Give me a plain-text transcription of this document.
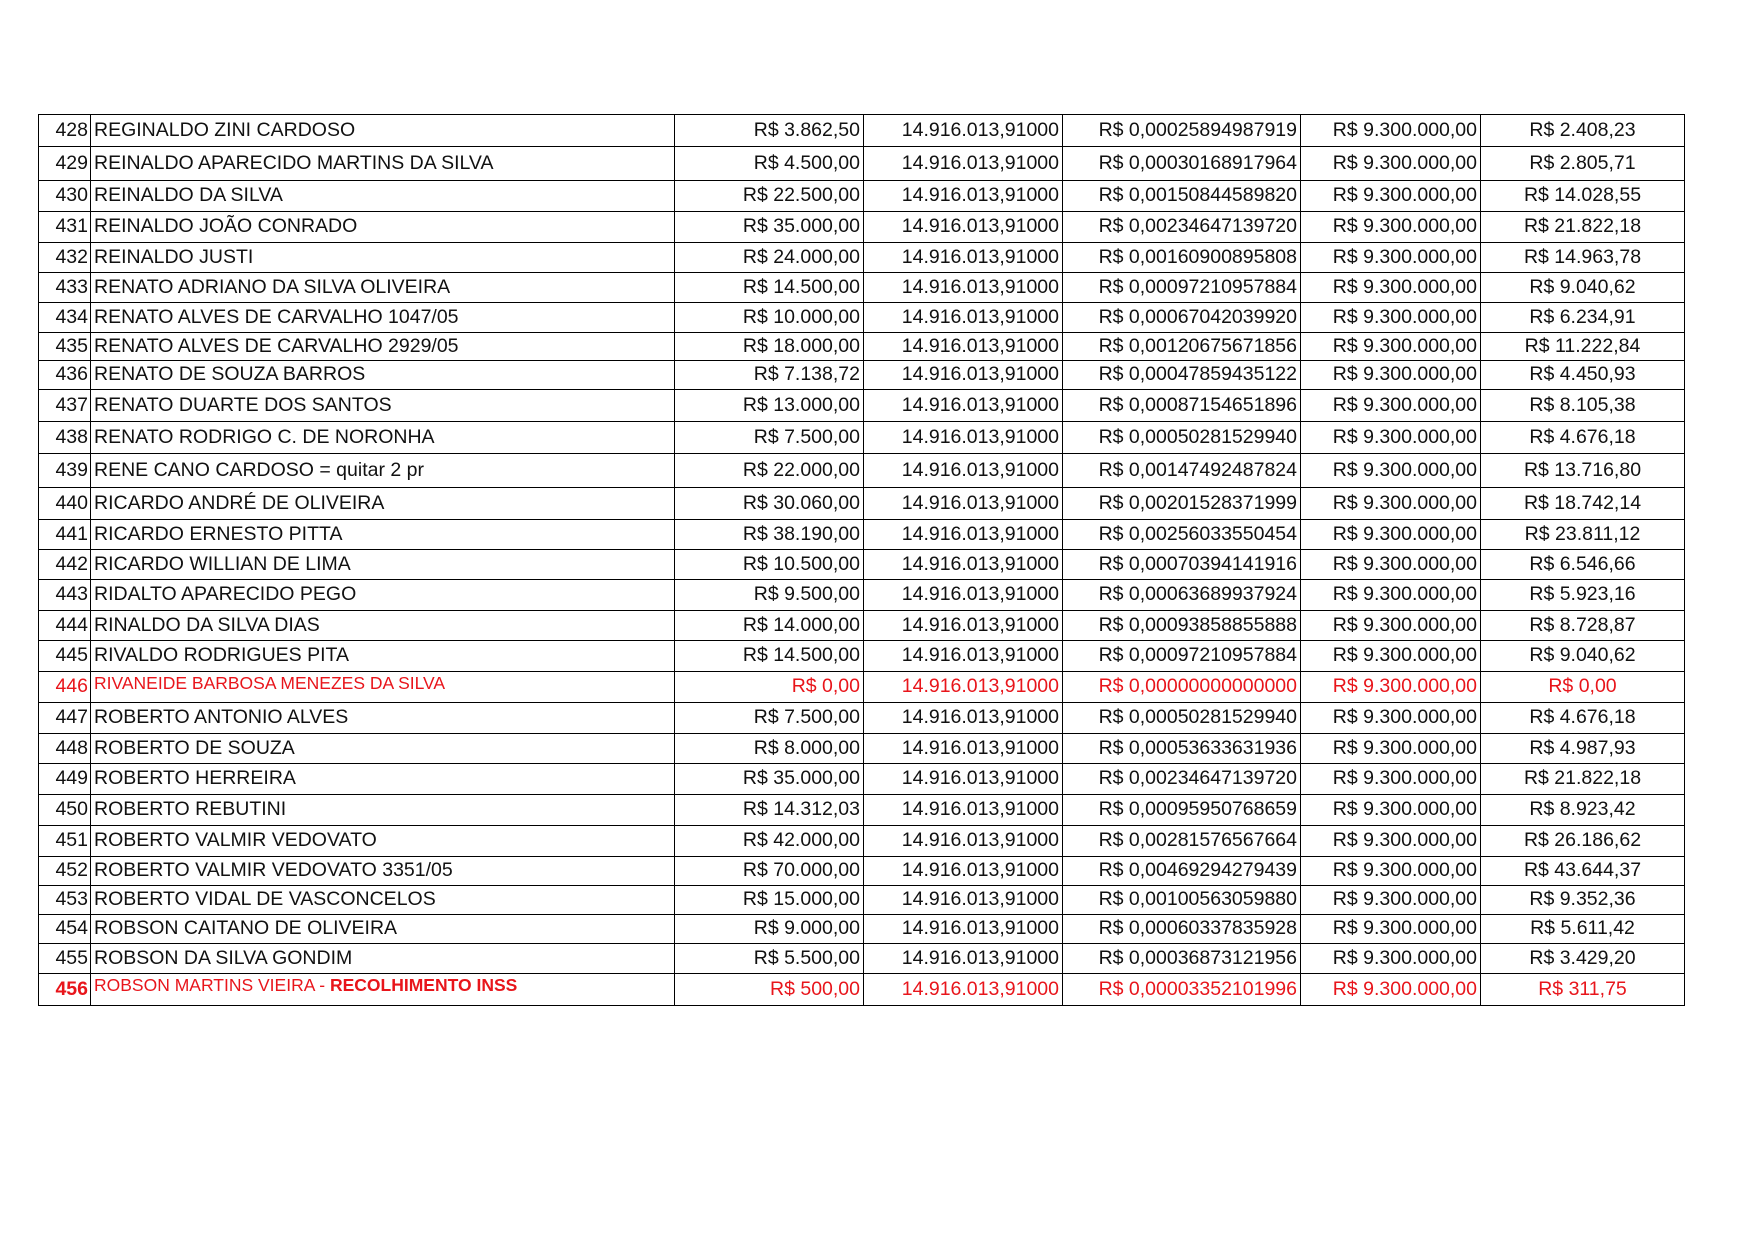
428	REGINALDO ZINI CARDOSO	R$ 3.862,50	14.916.013,91000	R$ 0,00025894987919	R$ 9.300.000,00	R$ 2.408,23
429	REINALDO APARECIDO MARTINS DA SILVA	R$ 4.500,00	14.916.013,91000	R$ 0,00030168917964	R$ 9.300.000,00	R$ 2.805,71
430	REINALDO DA SILVA	R$ 22.500,00	14.916.013,91000	R$ 0,00150844589820	R$ 9.300.000,00	R$ 14.028,55
431	REINALDO JOÃO CONRADO	R$ 35.000,00	14.916.013,91000	R$ 0,00234647139720	R$ 9.300.000,00	R$ 21.822,18
432	REINALDO JUSTI	R$ 24.000,00	14.916.013,91000	R$ 0,00160900895808	R$ 9.300.000,00	R$ 14.963,78
433	RENATO ADRIANO DA SILVA OLIVEIRA	R$ 14.500,00	14.916.013,91000	R$ 0,00097210957884	R$ 9.300.000,00	R$ 9.040,62
434	RENATO ALVES DE CARVALHO 1047/05	R$ 10.000,00	14.916.013,91000	R$ 0,00067042039920	R$ 9.300.000,00	R$ 6.234,91
435	RENATO ALVES DE CARVALHO 2929/05	R$ 18.000,00	14.916.013,91000	R$ 0,00120675671856	R$ 9.300.000,00	R$ 11.222,84
436	RENATO DE SOUZA BARROS	R$ 7.138,72	14.916.013,91000	R$ 0,00047859435122	R$ 9.300.000,00	R$ 4.450,93
437	RENATO DUARTE DOS SANTOS	R$ 13.000,00	14.916.013,91000	R$ 0,00087154651896	R$ 9.300.000,00	R$ 8.105,38
438	RENATO RODRIGO C. DE NORONHA	R$ 7.500,00	14.916.013,91000	R$ 0,00050281529940	R$ 9.300.000,00	R$ 4.676,18
439	RENE CANO CARDOSO = quitar 2 pr	R$ 22.000,00	14.916.013,91000	R$ 0,00147492487824	R$ 9.300.000,00	R$ 13.716,80
440	RICARDO ANDRÉ DE OLIVEIRA	R$ 30.060,00	14.916.013,91000	R$ 0,00201528371999	R$ 9.300.000,00	R$ 18.742,14
441	RICARDO ERNESTO PITTA	R$ 38.190,00	14.916.013,91000	R$ 0,00256033550454	R$ 9.300.000,00	R$ 23.811,12
442	RICARDO WILLIAN DE LIMA	R$ 10.500,00	14.916.013,91000	R$ 0,00070394141916	R$ 9.300.000,00	R$ 6.546,66
443	RIDALTO APARECIDO PEGO	R$ 9.500,00	14.916.013,91000	R$ 0,00063689937924	R$ 9.300.000,00	R$ 5.923,16
444	RINALDO DA SILVA DIAS	R$ 14.000,00	14.916.013,91000	R$ 0,00093858855888	R$ 9.300.000,00	R$ 8.728,87
445	RIVALDO RODRIGUES PITA	R$ 14.500,00	14.916.013,91000	R$ 0,00097210957884	R$ 9.300.000,00	R$ 9.040,62
446	RIVANEIDE BARBOSA MENEZES DA SILVA	R$ 0,00	14.916.013,91000	R$ 0,00000000000000	R$ 9.300.000,00	R$ 0,00
447	ROBERTO ANTONIO ALVES	R$ 7.500,00	14.916.013,91000	R$ 0,00050281529940	R$ 9.300.000,00	R$ 4.676,18
448	ROBERTO DE SOUZA	R$ 8.000,00	14.916.013,91000	R$ 0,00053633631936	R$ 9.300.000,00	R$ 4.987,93
449	ROBERTO HERREIRA	R$ 35.000,00	14.916.013,91000	R$ 0,00234647139720	R$ 9.300.000,00	R$ 21.822,18
450	ROBERTO REBUTINI	R$ 14.312,03	14.916.013,91000	R$ 0,00095950768659	R$ 9.300.000,00	R$ 8.923,42
451	ROBERTO VALMIR VEDOVATO	R$ 42.000,00	14.916.013,91000	R$ 0,00281576567664	R$ 9.300.000,00	R$ 26.186,62
452	ROBERTO VALMIR VEDOVATO 3351/05	R$ 70.000,00	14.916.013,91000	R$ 0,00469294279439	R$ 9.300.000,00	R$ 43.644,37
453	ROBERTO VIDAL DE VASCONCELOS	R$ 15.000,00	14.916.013,91000	R$ 0,00100563059880	R$ 9.300.000,00	R$ 9.352,36
454	ROBSON CAITANO DE OLIVEIRA	R$ 9.000,00	14.916.013,91000	R$ 0,00060337835928	R$ 9.300.000,00	R$ 5.611,42
455	ROBSON DA SILVA GONDIM	R$ 5.500,00	14.916.013,91000	R$ 0,00036873121956	R$ 9.300.000,00	R$ 3.429,20
456	ROBSON MARTINS VIEIRA - RECOLHIMENTO INSS	R$ 500,00	14.916.013,91000	R$ 0,00003352101996	R$ 9.300.000,00	R$ 311,75
